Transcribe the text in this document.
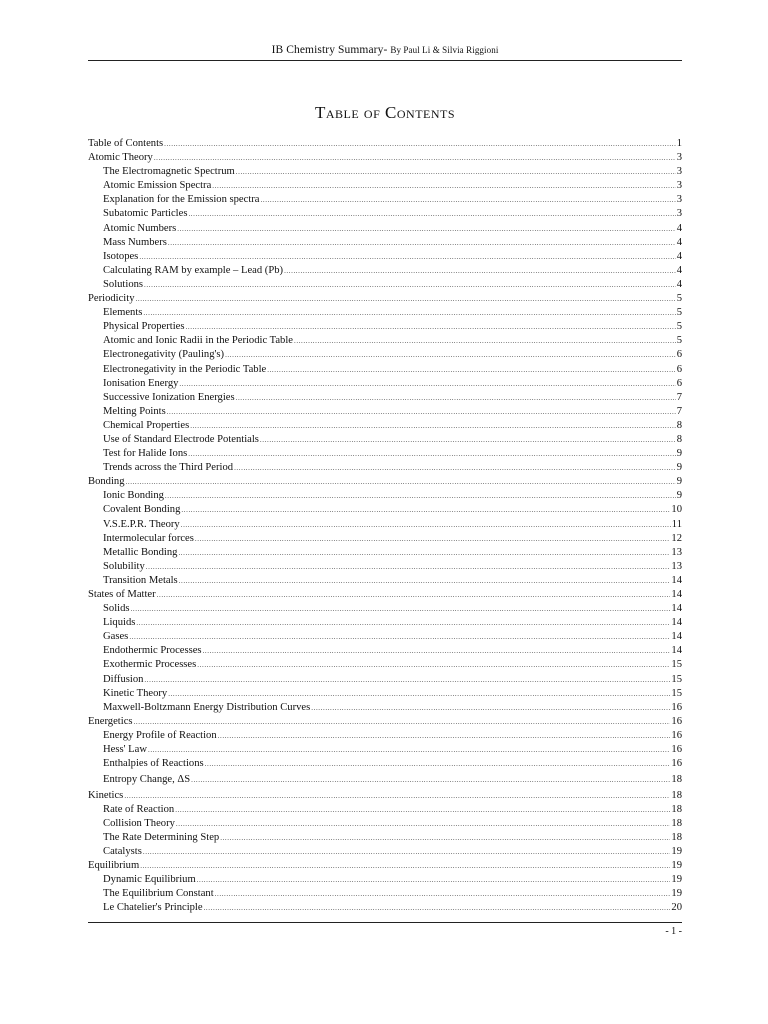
IB Chemistry Summary- By Paul Li & Silvia Riggioni
Table of Contents
Table of Contents .....	1
Atomic Theory .....	3
The Electromagnetic Spectrum .....	3
Atomic Emission Spectra .....	3
Explanation for the Emission spectra .....	3
Subatomic Particles .....	3
Atomic Numbers .....	4
Mass Numbers .....	4
Isotopes .....	4
Calculating RAM by example – Lead (Pb) .....	4
Solutions .....	4
Periodicity .....	5
Elements .....	5
Physical Properties .....	5
Atomic and Ionic Radii in the Periodic Table .....	5
Electronegativity (Pauling's) .....	6
Electronegativity in the Periodic Table .....	6
Ionisation Energy .....	6
Successive Ionization Energies .....	7
Melting Points .....	7
Chemical Properties .....	8
Use of Standard Electrode Potentials .....	8
Test for Halide Ions .....	9
Trends across the Third Period .....	9
Bonding .....	9
Ionic Bonding .....	9
Covalent Bonding .....	10
V.S.E.P.R. Theory .....	11
Intermolecular forces .....	12
Metallic Bonding .....	13
Solubility .....	13
Transition Metals .....	14
States of Matter .....	14
Solids .....	14
Liquids .....	14
Gases .....	14
Endothermic Processes .....	14
Exothermic Processes .....	15
Diffusion .....	15
Kinetic Theory .....	15
Maxwell-Boltzmann Energy Distribution Curves .....	16
Energetics .....	16
Energy Profile of Reaction .....	16
Hess' Law .....	16
Enthalpies of Reactions .....	16
Entropy Change, ΔS .....	18
Kinetics .....	18
Rate of Reaction .....	18
Collision Theory .....	18
The Rate Determining Step .....	18
Catalysts .....	19
Equilibrium .....	19
Dynamic Equilibrium .....	19
The Equilibrium Constant .....	19
Le Chatelier's Principle .....	20
- 1 -
